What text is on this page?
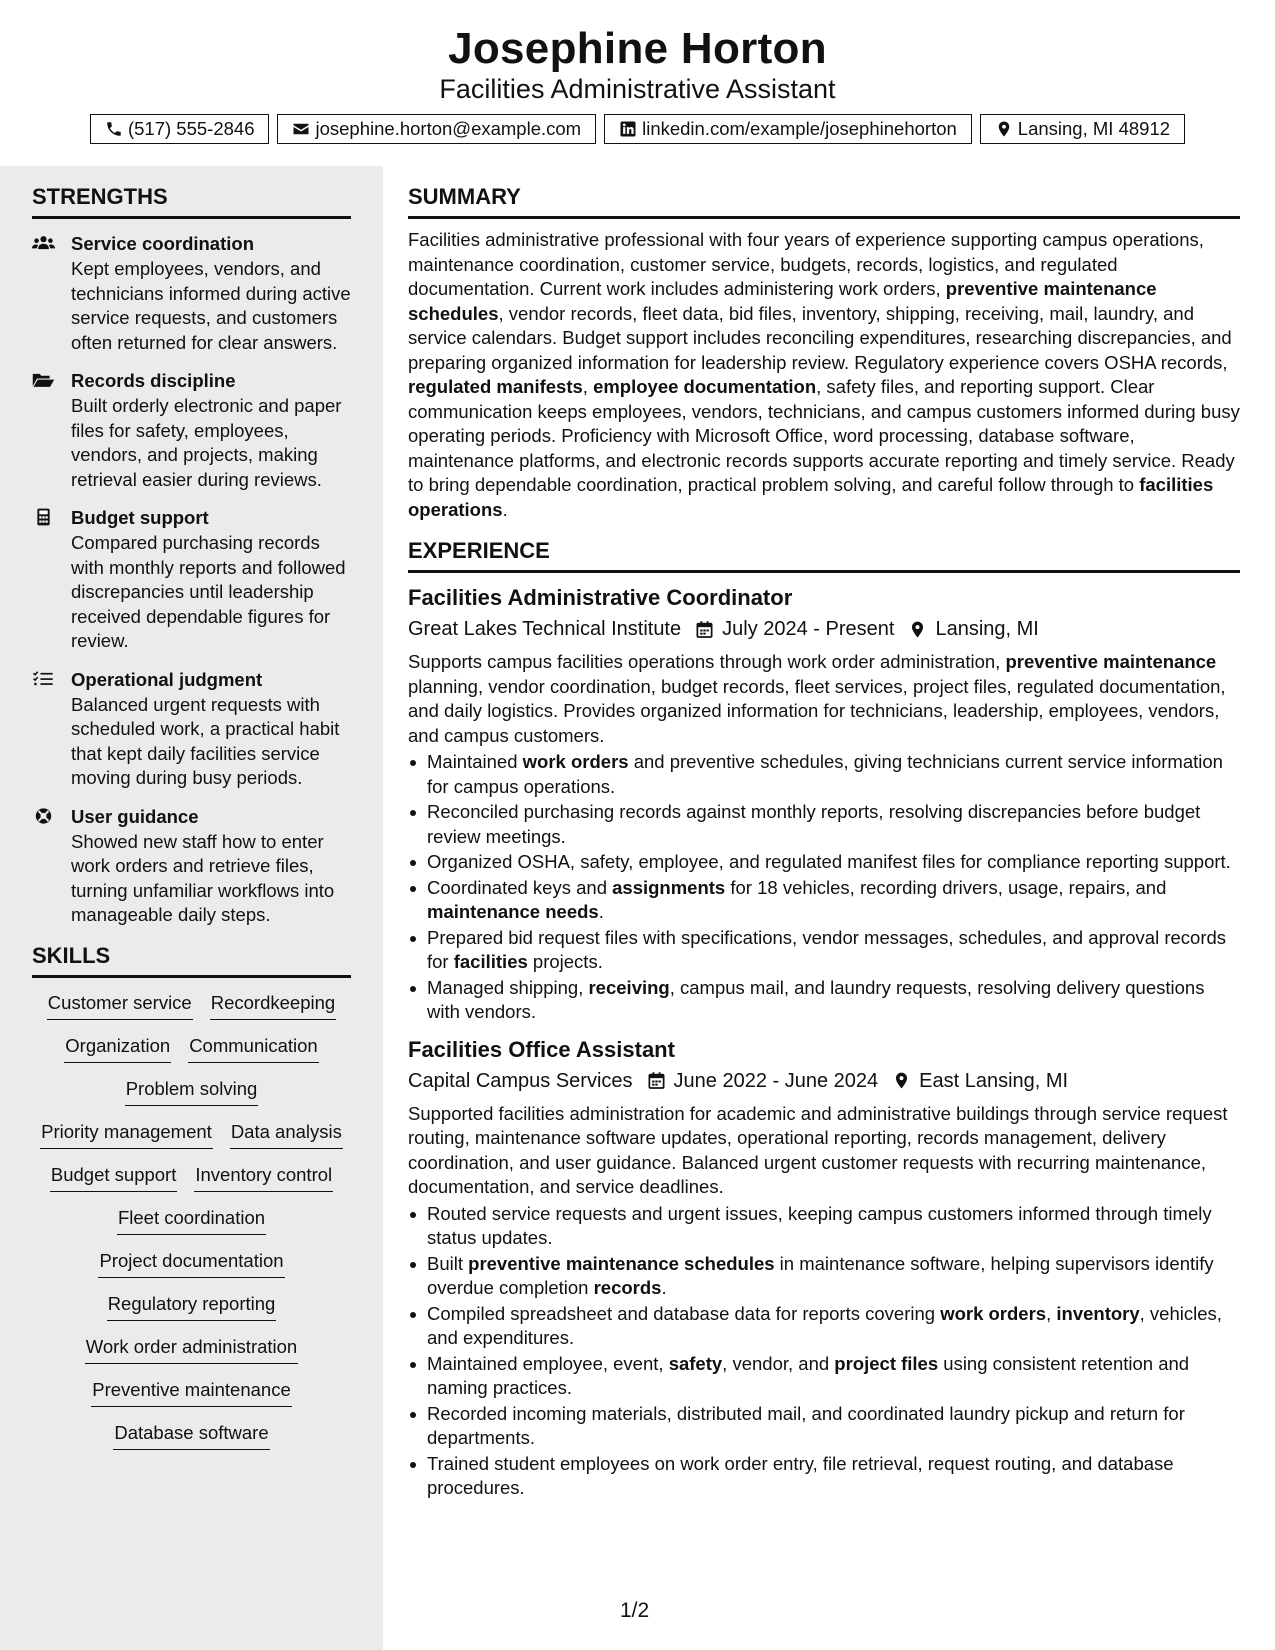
Josephine Horton
Facilities Administrative Assistant
(517) 555-2846	josephine.horton@example.com	linkedin.com/example/josephinehorton	Lansing, MI 48912
STRENGTHS
Service coordination
Kept employees, vendors, and technicians informed during active service requests, and customers often returned for clear answers.
Records discipline
Built orderly electronic and paper files for safety, employees, vendors, and projects, making retrieval easier during reviews.
Budget support
Compared purchasing records with monthly reports and followed discrepancies until leadership received dependable figures for review.
Operational judgment
Balanced urgent requests with scheduled work, a practical habit that kept daily facilities service moving during busy periods.
User guidance
Showed new staff how to enter work orders and retrieve files, turning unfamiliar workflows into manageable daily steps.
SKILLS
Customer service Recordkeeping
Organization Communication
Problem solving
Priority management Data analysis
Budget support Inventory control
Fleet coordination
Project documentation
Regulatory reporting
Work order administration
Preventive maintenance
Database software
SUMMARY
Facilities administrative professional with four years of experience supporting campus operations, maintenance coordination, customer service, budgets, records, logistics, and regulated documentation. Current work includes administering work orders, preventive maintenance schedules, vendor records, fleet data, bid files, inventory, shipping, receiving, mail, laundry, and service calendars. Budget support includes reconciling expenditures, researching discrepancies, and preparing organized information for leadership review. Regulatory experience covers OSHA records, regulated manifests, employee documentation, safety files, and reporting support. Clear communication keeps employees, vendors, technicians, and campus customers informed during busy operating periods. Proficiency with Microsoft Office, word processing, database software, maintenance platforms, and electronic records supports accurate reporting and timely service. Ready to bring dependable coordination, practical problem solving, and careful follow through to facilities operations.
EXPERIENCE
Facilities Administrative Coordinator
Great Lakes Technical Institute July 2024 - Present Lansing, MI
Supports campus facilities operations through work order administration, preventive maintenance planning, vendor coordination, budget records, fleet services, project files, regulated documentation, and daily logistics. Provides organized information for technicians, leadership, employees, vendors, and campus customers.
Maintained work orders and preventive schedules, giving technicians current service information for campus operations.
Reconciled purchasing records against monthly reports, resolving discrepancies before budget review meetings.
Organized OSHA, safety, employee, and regulated manifest files for compliance reporting support.
Coordinated keys and assignments for 18 vehicles, recording drivers, usage, repairs, and maintenance needs.
Prepared bid request files with specifications, vendor messages, schedules, and approval records for facilities projects.
Managed shipping, receiving, campus mail, and laundry requests, resolving delivery questions with vendors.
Facilities Office Assistant
Capital Campus Services June 2022 - June 2024 East Lansing, MI
Supported facilities administration for academic and administrative buildings through service request routing, maintenance software updates, operational reporting, records management, delivery coordination, and user guidance. Balanced urgent customer requests with recurring maintenance, documentation, and service deadlines.
Routed service requests and urgent issues, keeping campus customers informed through timely status updates.
Built preventive maintenance schedules in maintenance software, helping supervisors identify overdue completion records.
Compiled spreadsheet and database data for reports covering work orders, inventory, vehicles, and expenditures.
Maintained employee, event, safety, vendor, and project files using consistent retention and naming practices.
Recorded incoming materials, distributed mail, and coordinated laundry pickup and return for departments.
Trained student employees on work order entry, file retrieval, request routing, and database procedures.
1/2
